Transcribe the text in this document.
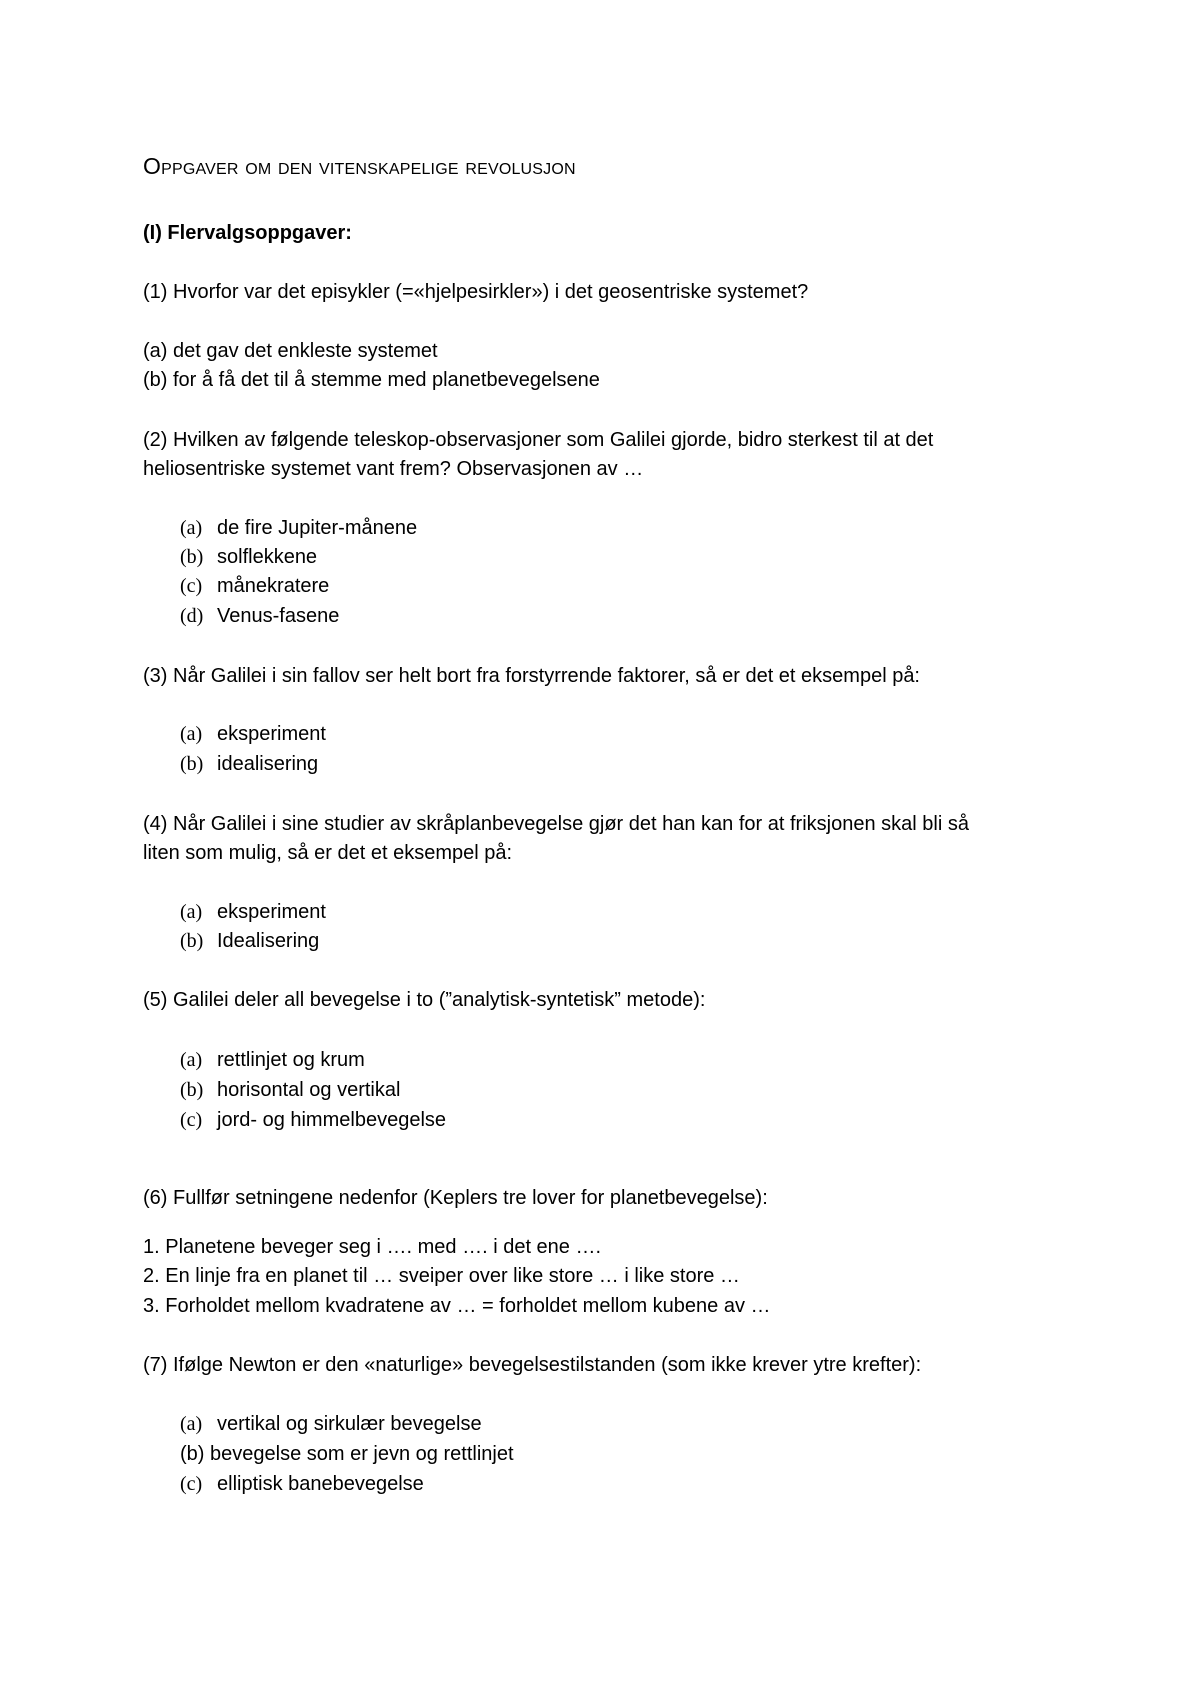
Oppgaver om den vitenskapelige revolusjon
(I) Flervalgsoppgaver:
(1) Hvorfor var det episykler (=«hjelpesirkler») i det geosentriske systemet?
(a) det gav det enkleste systemet
(b) for å få det til å stemme med planetbevegelsene
(2) Hvilken av følgende teleskop-observasjoner som Galilei gjorde, bidro sterkest til at det
heliosentriske systemet vant frem? Observasjonen av …
(a) de fire Jupiter-månene
(b) solflekkene
(c) månekratere
(d) Venus-fasene
(3) Når Galilei i sin fallov ser helt bort fra forstyrrende faktorer, så er det et eksempel på:
(a) eksperiment
(b) idealisering
(4) Når Galilei i sine studier av skråplanbevegelse gjør det han kan for at friksjonen skal bli så
liten som mulig, så er det et eksempel på:
(a) eksperiment
(b) Idealisering
(5) Galilei deler all bevegelse i to (”analytisk-syntetisk” metode):
(a) rettlinjet og krum
(b) horisontal og vertikal
(c) jord- og himmelbevegelse
(6) Fullfør setningene nedenfor (Keplers tre lover for planetbevegelse):
1. Planetene beveger seg i …. med …. i det ene ….
2. En linje fra en planet til … sveiper over like store … i like store …
3. Forholdet mellom kvadratene av … = forholdet mellom kubene av …
(7) Ifølge Newton er den «naturlige» bevegelsestilstanden (som ikke krever ytre krefter):
(a) vertikal og sirkulær bevegelse
(b) bevegelse som er jevn og rettlinjet
(c) elliptisk banebevegelse
